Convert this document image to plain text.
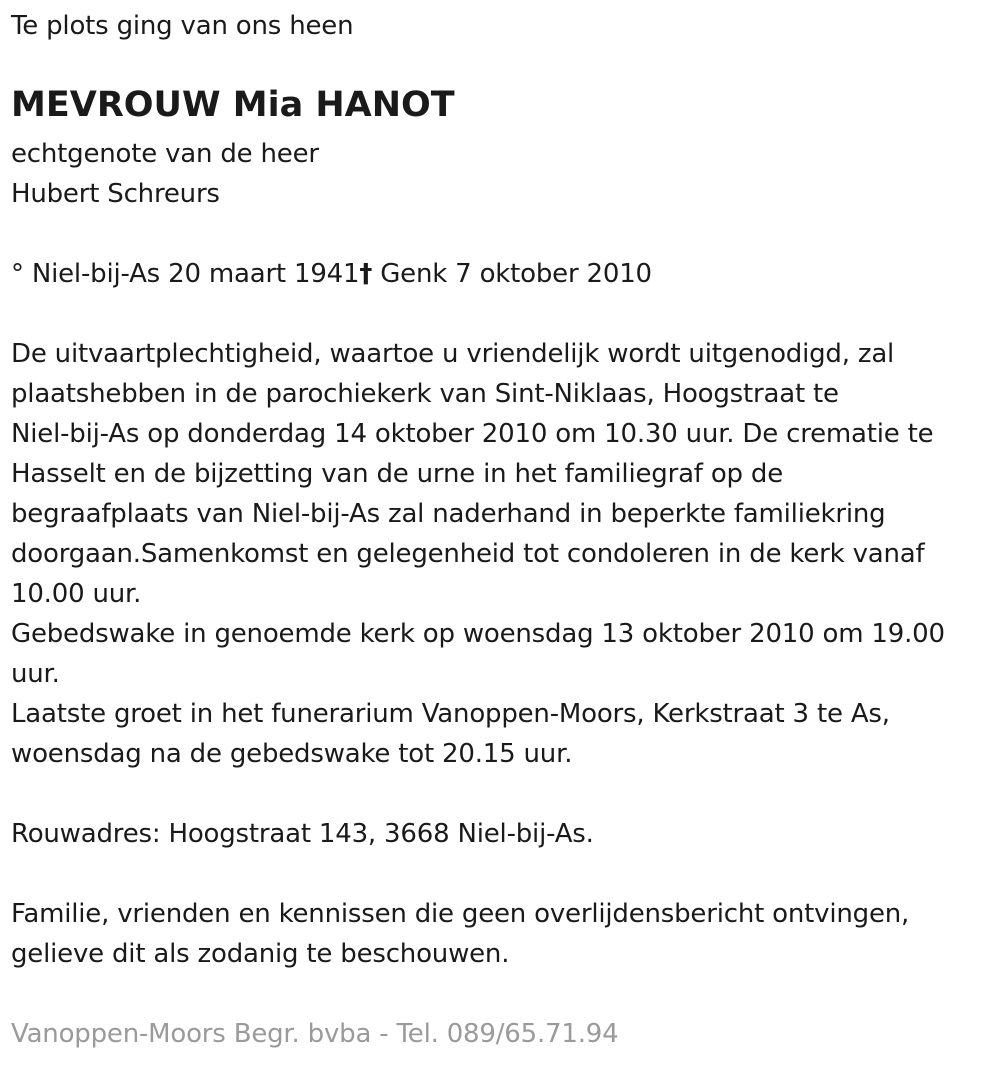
Te plots ging van ons heen
MEVROUW Mia HANOT
echtgenote van de heer
Hubert Schreurs
° Niel-bij-As 20 maart 1941† Genk 7 oktober 2010
De uitvaartplechtigheid, waartoe u vriendelijk wordt uitgenodigd, zal
plaatshebben in de parochiekerk van Sint-Niklaas, Hoogstraat te
Niel-bij-As op donderdag 14 oktober 2010 om 10.30 uur. De crematie te
Hasselt en de bijzetting van de urne in het familiegraf op de
begraafplaats van Niel-bij-As zal naderhand in beperkte familiekring
doorgaan.Samenkomst en gelegenheid tot condoleren in de kerk vanaf
10.00 uur.
Gebedswake in genoemde kerk op woensdag 13 oktober 2010 om 19.00
uur.
Laatste groet in het funerarium Vanoppen-Moors, Kerkstraat 3 te As,
woensdag na de gebedswake tot 20.15 uur.
Rouwadres: Hoogstraat 143, 3668 Niel-bij-As.
Familie, vrienden en kennissen die geen overlijdensbericht ontvingen,
gelieve dit als zodanig te beschouwen.
Vanoppen-Moors Begr. bvba - Tel. 089/65.71.94
